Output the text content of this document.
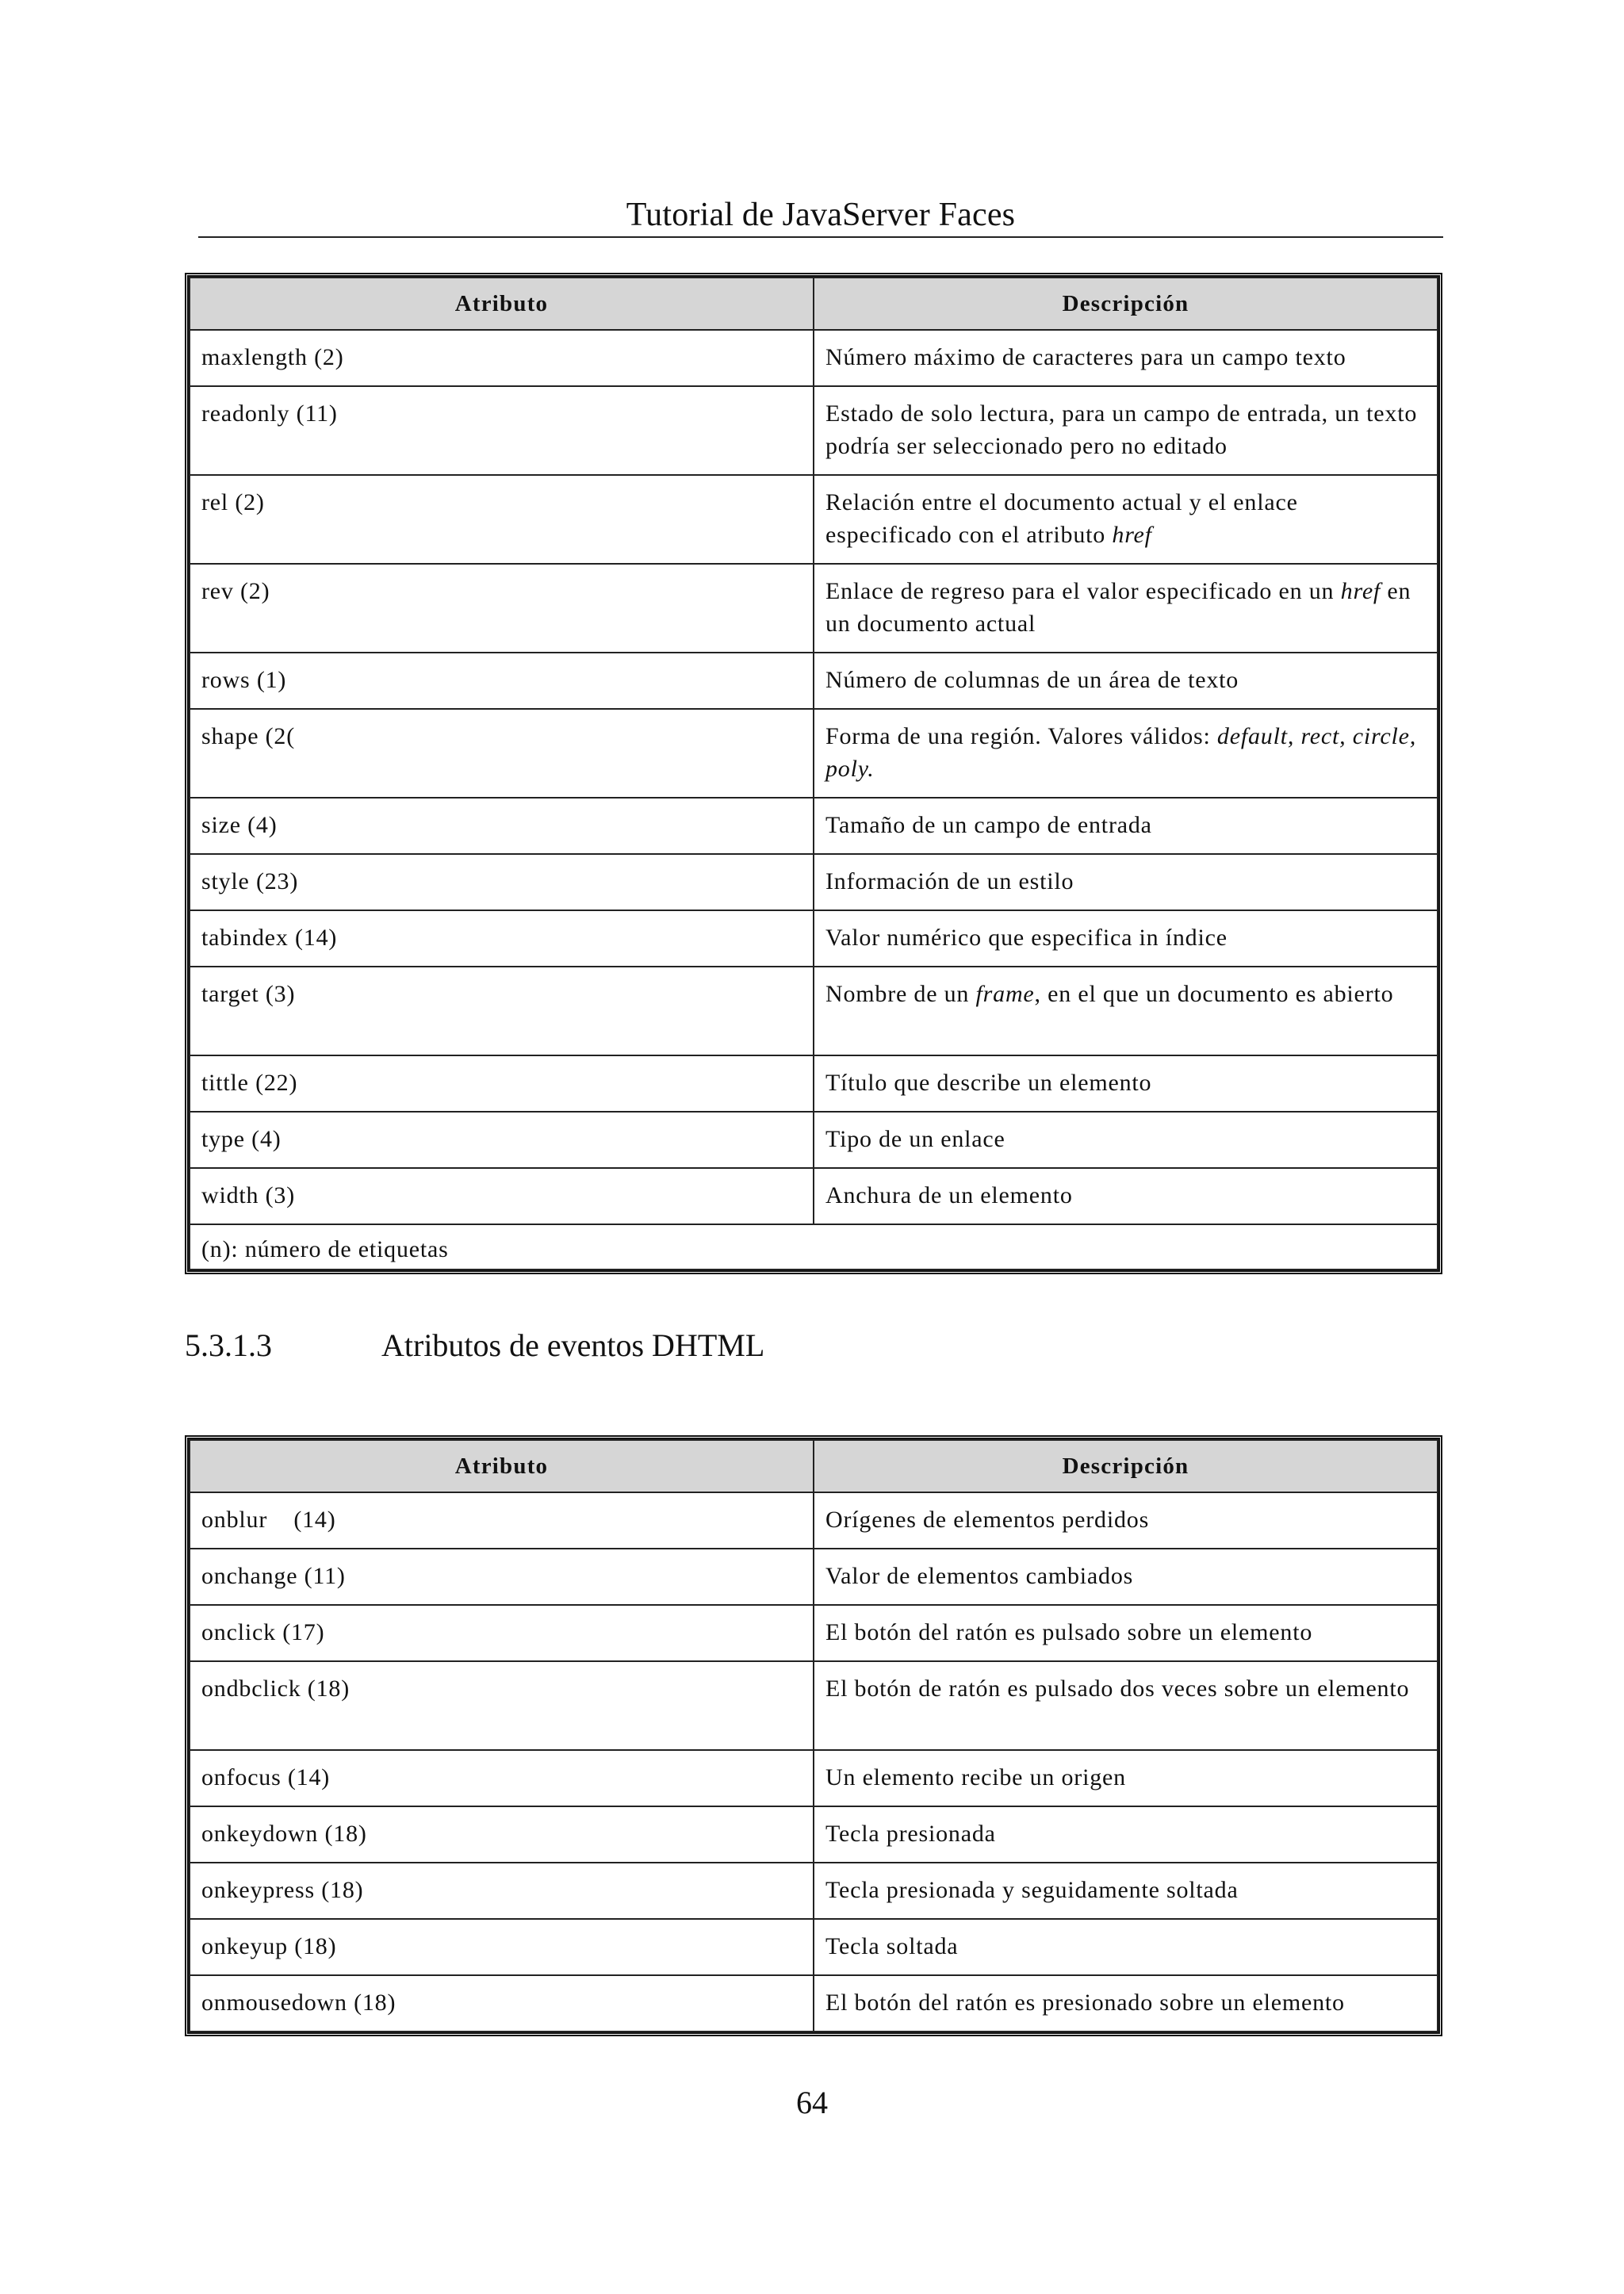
Tutorial de JavaServer Faces
Atributo	Descripción
maxlength (2)	Número máximo de caracteres para un campo texto
readonly (11)	Estado de solo lectura, para un campo de entrada, un texto podría ser seleccionado pero no editado
rel (2)	Relación entre el documento actual y el enlace especificado con el atributo href
rev (2)	Enlace de regreso para el valor especificado en un href en un documento actual
rows (1)	Número de columnas de un área de texto
shape (2(	Forma de una región. Valores válidos: default, rect, circle, poly.
size (4)	Tamaño de un campo de entrada
style (23)	Información de un estilo
tabindex (14)	Valor numérico que especifica in índice
target (3)	Nombre de un frame, en el que un documento es abierto
tittle (22)	Título que describe un elemento
type (4)	Tipo de un enlace
width (3)	Anchura de un elemento
(n): número de etiquetas	
5.3.1.3	Atributos de eventos DHTML
Atributo	Descripción
onblur    (14)	Orígenes de elementos perdidos
onchange (11)	Valor de elementos cambiados
onclick (17)	El botón del ratón es pulsado sobre un elemento
ondbclick (18)	El botón de ratón es pulsado dos veces sobre un elemento
onfocus (14)	Un elemento recibe un origen
onkeydown (18)	Tecla presionada
onkeypress (18)	Tecla presionada y seguidamente soltada
onkeyup (18)	Tecla soltada
onmousedown (18)	El botón del ratón es presionado sobre un elemento
64
